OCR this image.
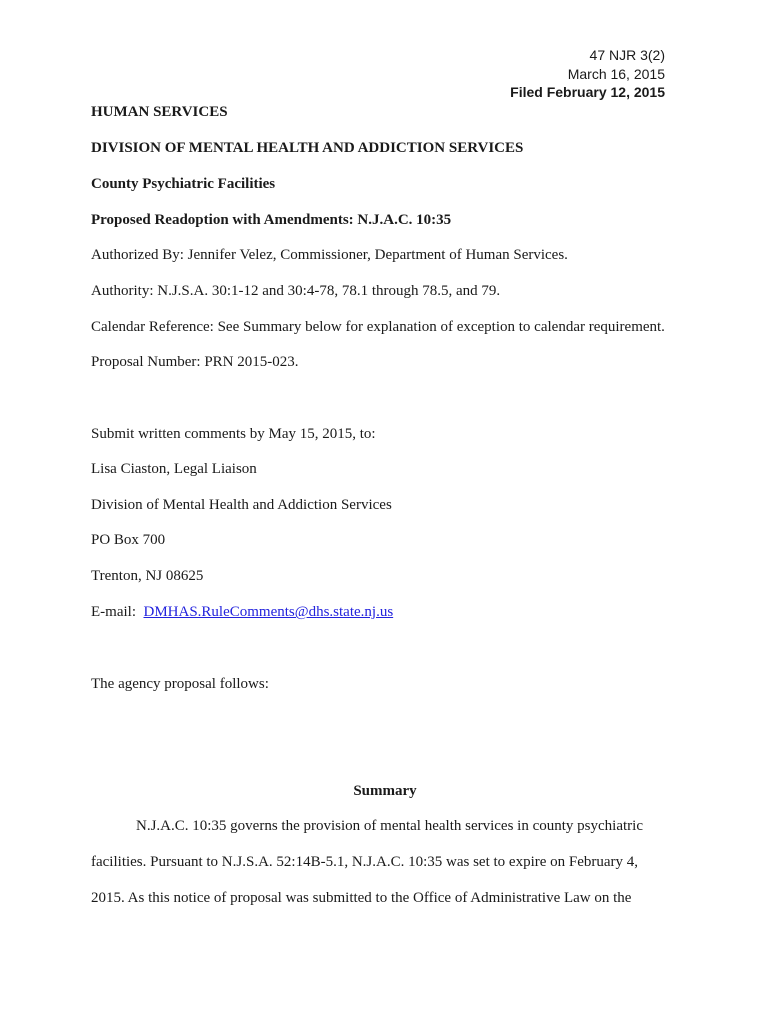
47 NJR 3(2)
March 16, 2015
Filed February 12, 2015
HUMAN SERVICES
DIVISION OF MENTAL HEALTH AND ADDICTION SERVICES
County Psychiatric Facilities
Proposed Readoption with Amendments: N.J.A.C. 10:35
Authorized By: Jennifer Velez, Commissioner, Department of Human Services.
Authority: N.J.S.A. 30:1-12 and 30:4-78, 78.1 through 78.5, and 79.
Calendar Reference: See Summary below for explanation of exception to calendar requirement.
Proposal Number: PRN 2015-023.
Submit written comments by May 15, 2015, to:
Lisa Ciaston, Legal Liaison
Division of Mental Health and Addiction Services
PO Box 700
Trenton, NJ 08625
E-mail:  DMHAS.RuleComments@dhs.state.nj.us
The agency proposal follows:
Summary
N.J.A.C. 10:35 governs the provision of mental health services in county psychiatric
facilities. Pursuant to N.J.S.A. 52:14B-5.1, N.J.A.C. 10:35 was set to expire on February 4,
2015. As this notice of proposal was submitted to the Office of Administrative Law on the
